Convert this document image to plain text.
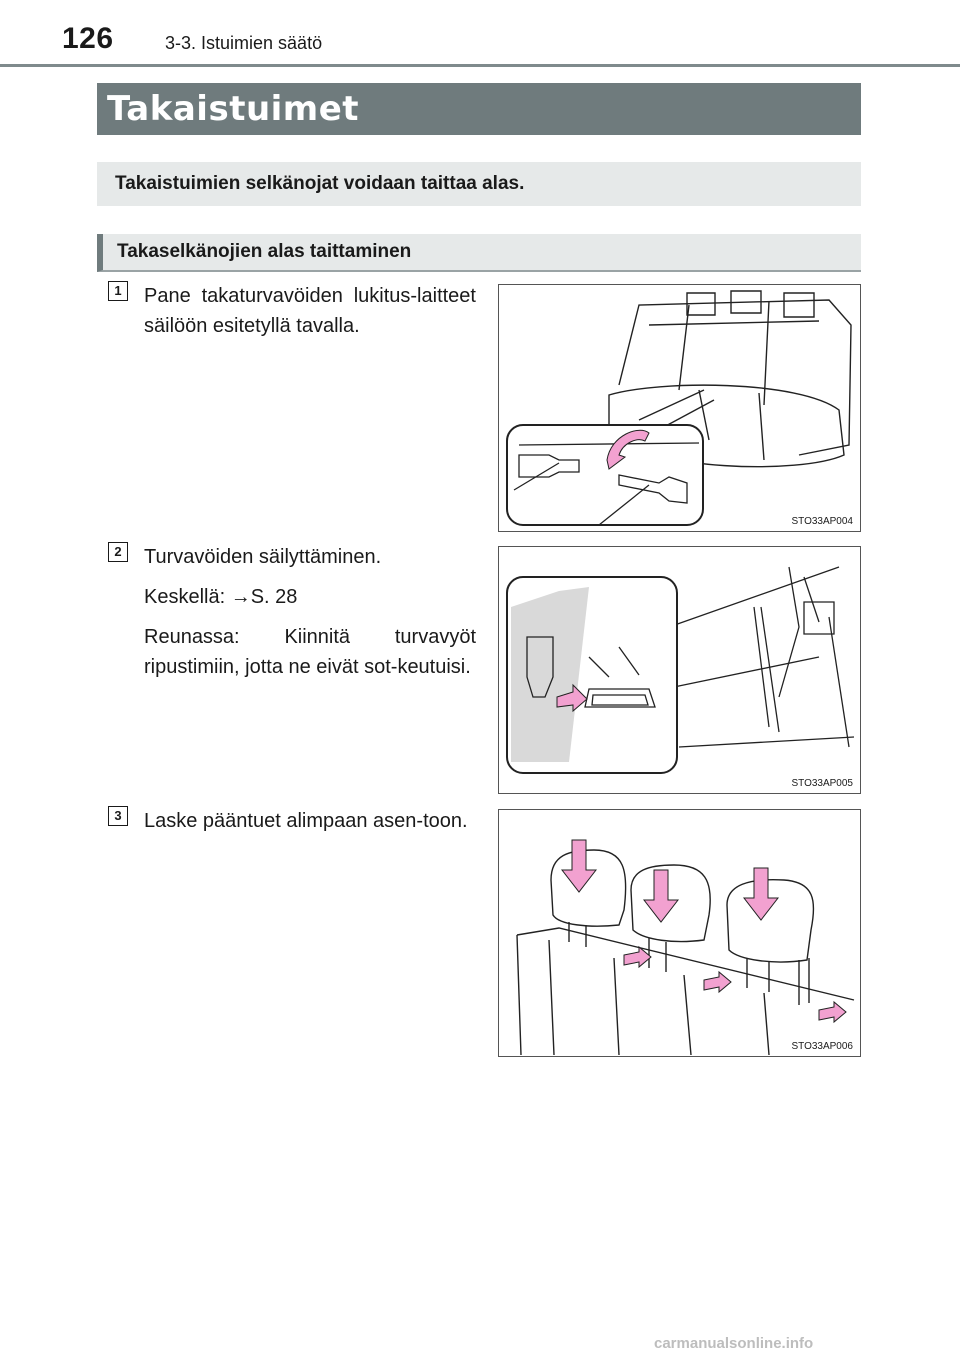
126	3-3. Istuimien säätö
Takaistuimet
Takaistuimien selkänojat voidaan taittaa alas.
Takaselkänojien alas taittaminen
1	Pane takaturvavöiden lukitus-laitteet säilöön esitetyllä tavalla.

STO33AP004
2	Turvavöiden säilyttäminen.

Keskellä: →S. 28

Reunassa: Kiinnitä turvavyöt ripustimiin, jotta ne eivät sot-keutuisi.

STO33AP005
3	Laske pääntuet alimpaan asen-toon.

STO33AP006
carmanualsonline.info
